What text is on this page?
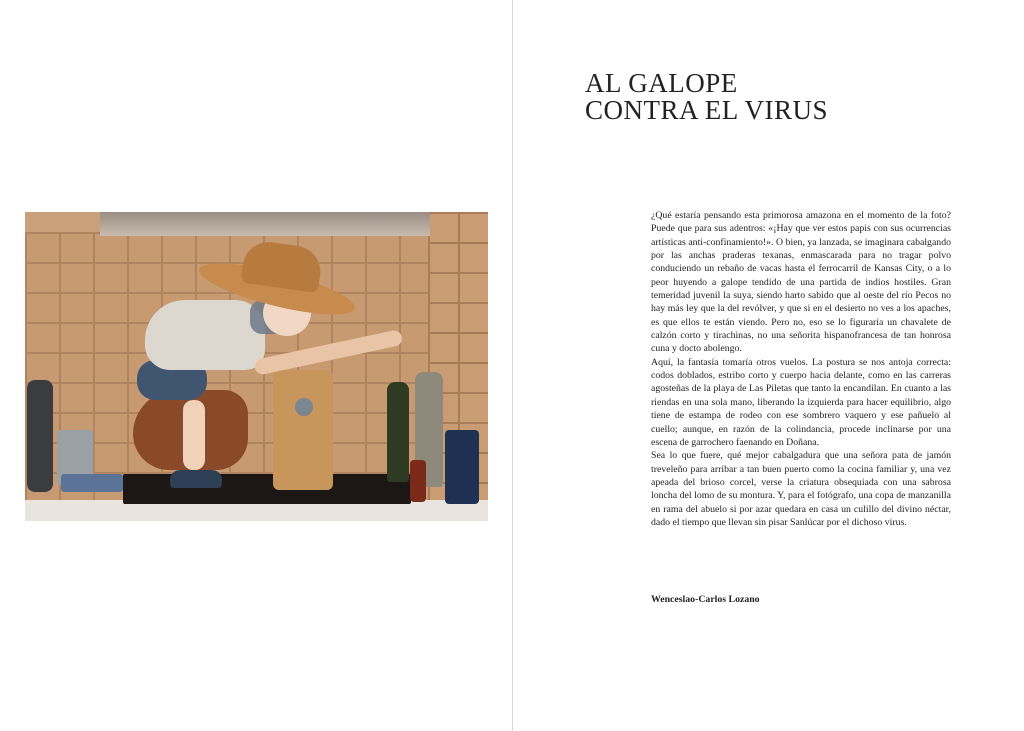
AL GALOPE
CONTRA EL VIRUS

¿Qué estaría pensando esta primorosa amazona en el momento de la foto? Puede que para sus adentros: «¡Hay que ver estos papis con sus ocurrencias artísticas anti-confinamiento!». O bien, ya lanzada, se imaginara cabalgando por las anchas praderas texanas, enmascarada para no tragar polvo conduciendo un rebaño de vacas hasta el ferrocarril de Kansas City, o a lo peor huyendo a galope tendido de una partida de indios hostiles. Gran temeridad juvenil la suya, siendo harto sabido que al oeste del río Pecos no hay más ley que la del revólver, y que si en el desierto no ves a los apaches, es que ellos te están viendo. Pero no, eso se lo figuraría un chavalete de calzón corto y tirachinas, no una señorita hispanofrancesa de tan honrosa cuna y docto abolengo.

Aquí, la fantasía tomaría otros vuelos. La postura se nos antoja correcta: codos doblados, estribo corto y cuerpo hacia delante, como en las carreras agosteñas de la playa de Las Piletas que tanto la encandilan. En cuanto a las riendas en una sola mano, liberando la izquierda para hacer equilibrio, algo tiene de estampa de rodeo con ese sombrero vaquero y ese pañuelo al cuello; aunque, en razón de la colindancia, procede inclinarse por una escena de garrochero faenando en Doñana.

Sea lo que fuere, qué mejor cabalgadura que una señora pata de jamón treveleño para arribar a tan buen puerto como la cocina familiar y, una vez apeada del brioso corcel, verse la criatura obsequiada con una sabrosa loncha del lomo de su montura. Y, para el fotógrafo, una copa de manzanilla en rama del abuelo si por azar quedara en casa un culillo del divino néctar, dado el tiempo que llevan sin pisar Sanlúcar por el dichoso virus.

Wenceslao-Carlos Lozano
